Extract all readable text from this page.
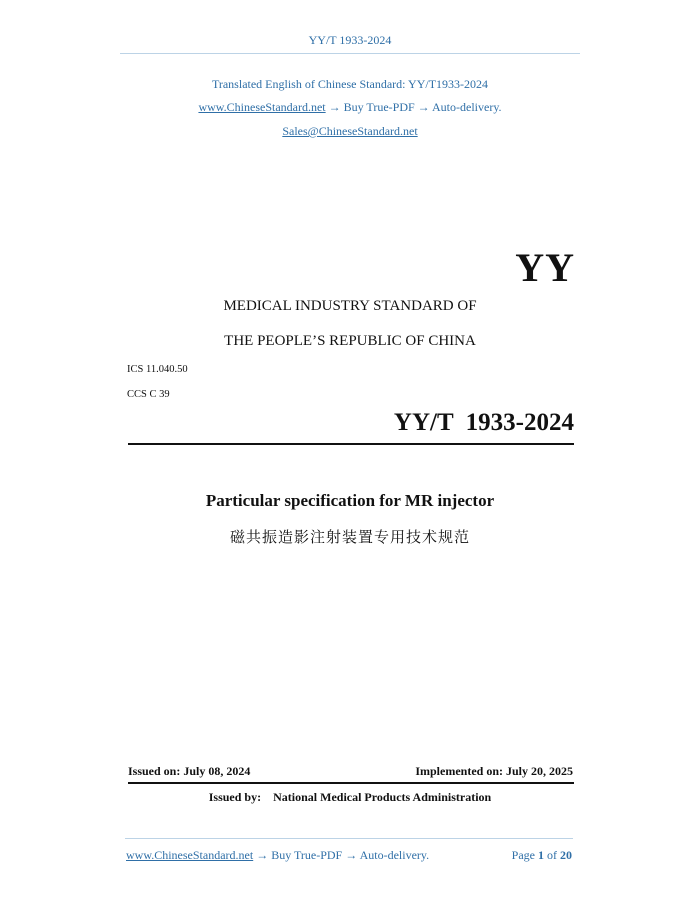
YY/T 1933-2024
Translated English of Chinese Standard: YY/T1933-2024
www.ChineseStandard.net → Buy True-PDF → Auto-delivery.
Sales@ChineseStandard.net
YY
MEDICAL INDUSTRY STANDARD OF
THE PEOPLE’S REPUBLIC OF CHINA
ICS 11.040.50
CCS C 39
YY/T  1933-2024
Particular specification for MR injector
磁共振造影注射装置专用技术规范
Issued on: July 08, 2024	Implemented on: July 20, 2025
Issued by: National Medical Products Administration
www.ChineseStandard.net → Buy True-PDF → Auto-delivery.	Page 1 of 20
